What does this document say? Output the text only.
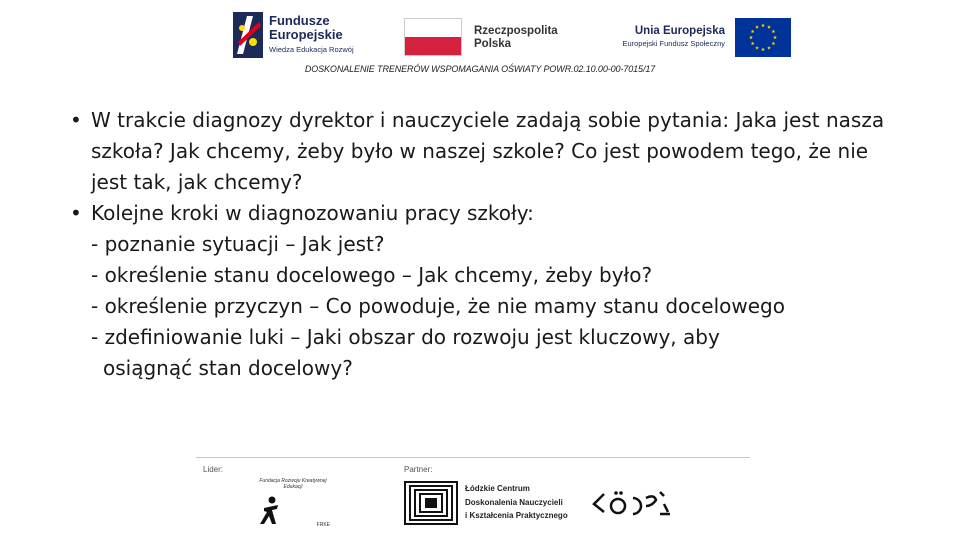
Fundusze
Europejskie
Wiedza Edukacja Rozwój
Rzeczpospolita
Polska
Unia Europejska
Europejski Fundusz Społeczny
DOSKONALENIE TRENERÓW WSPOMAGANIA OŚWIATY POWR.02.10.00-00-7015/17
• W trakcie diagnozy dyrektor i nauczyciele zadają sobie pytania: Jaka jest nasza szkoła? Jak chcemy, żeby było w naszej szkole? Co jest powodem tego, że nie jest tak, jak chcemy?
• Kolejne kroki w diagnozowaniu pracy szkoły:
- poznanie sytuacji – Jak jest?
- określenie stanu docelowego – Jak chcemy, żeby było?
- określenie przyczyn – Co powoduje, że nie mamy stanu docelowego
- zdefiniowanie luki – Jaki obszar do rozwoju jest kluczowy, aby
osiągnąć stan docelowy?
Lider:	Partner:
Fundacja Rozwoju Kreatywnej Edukacji
FRKE
Łódzkie Centrum
Doskonalenia Nauczycieli
i Kształcenia Praktycznego
